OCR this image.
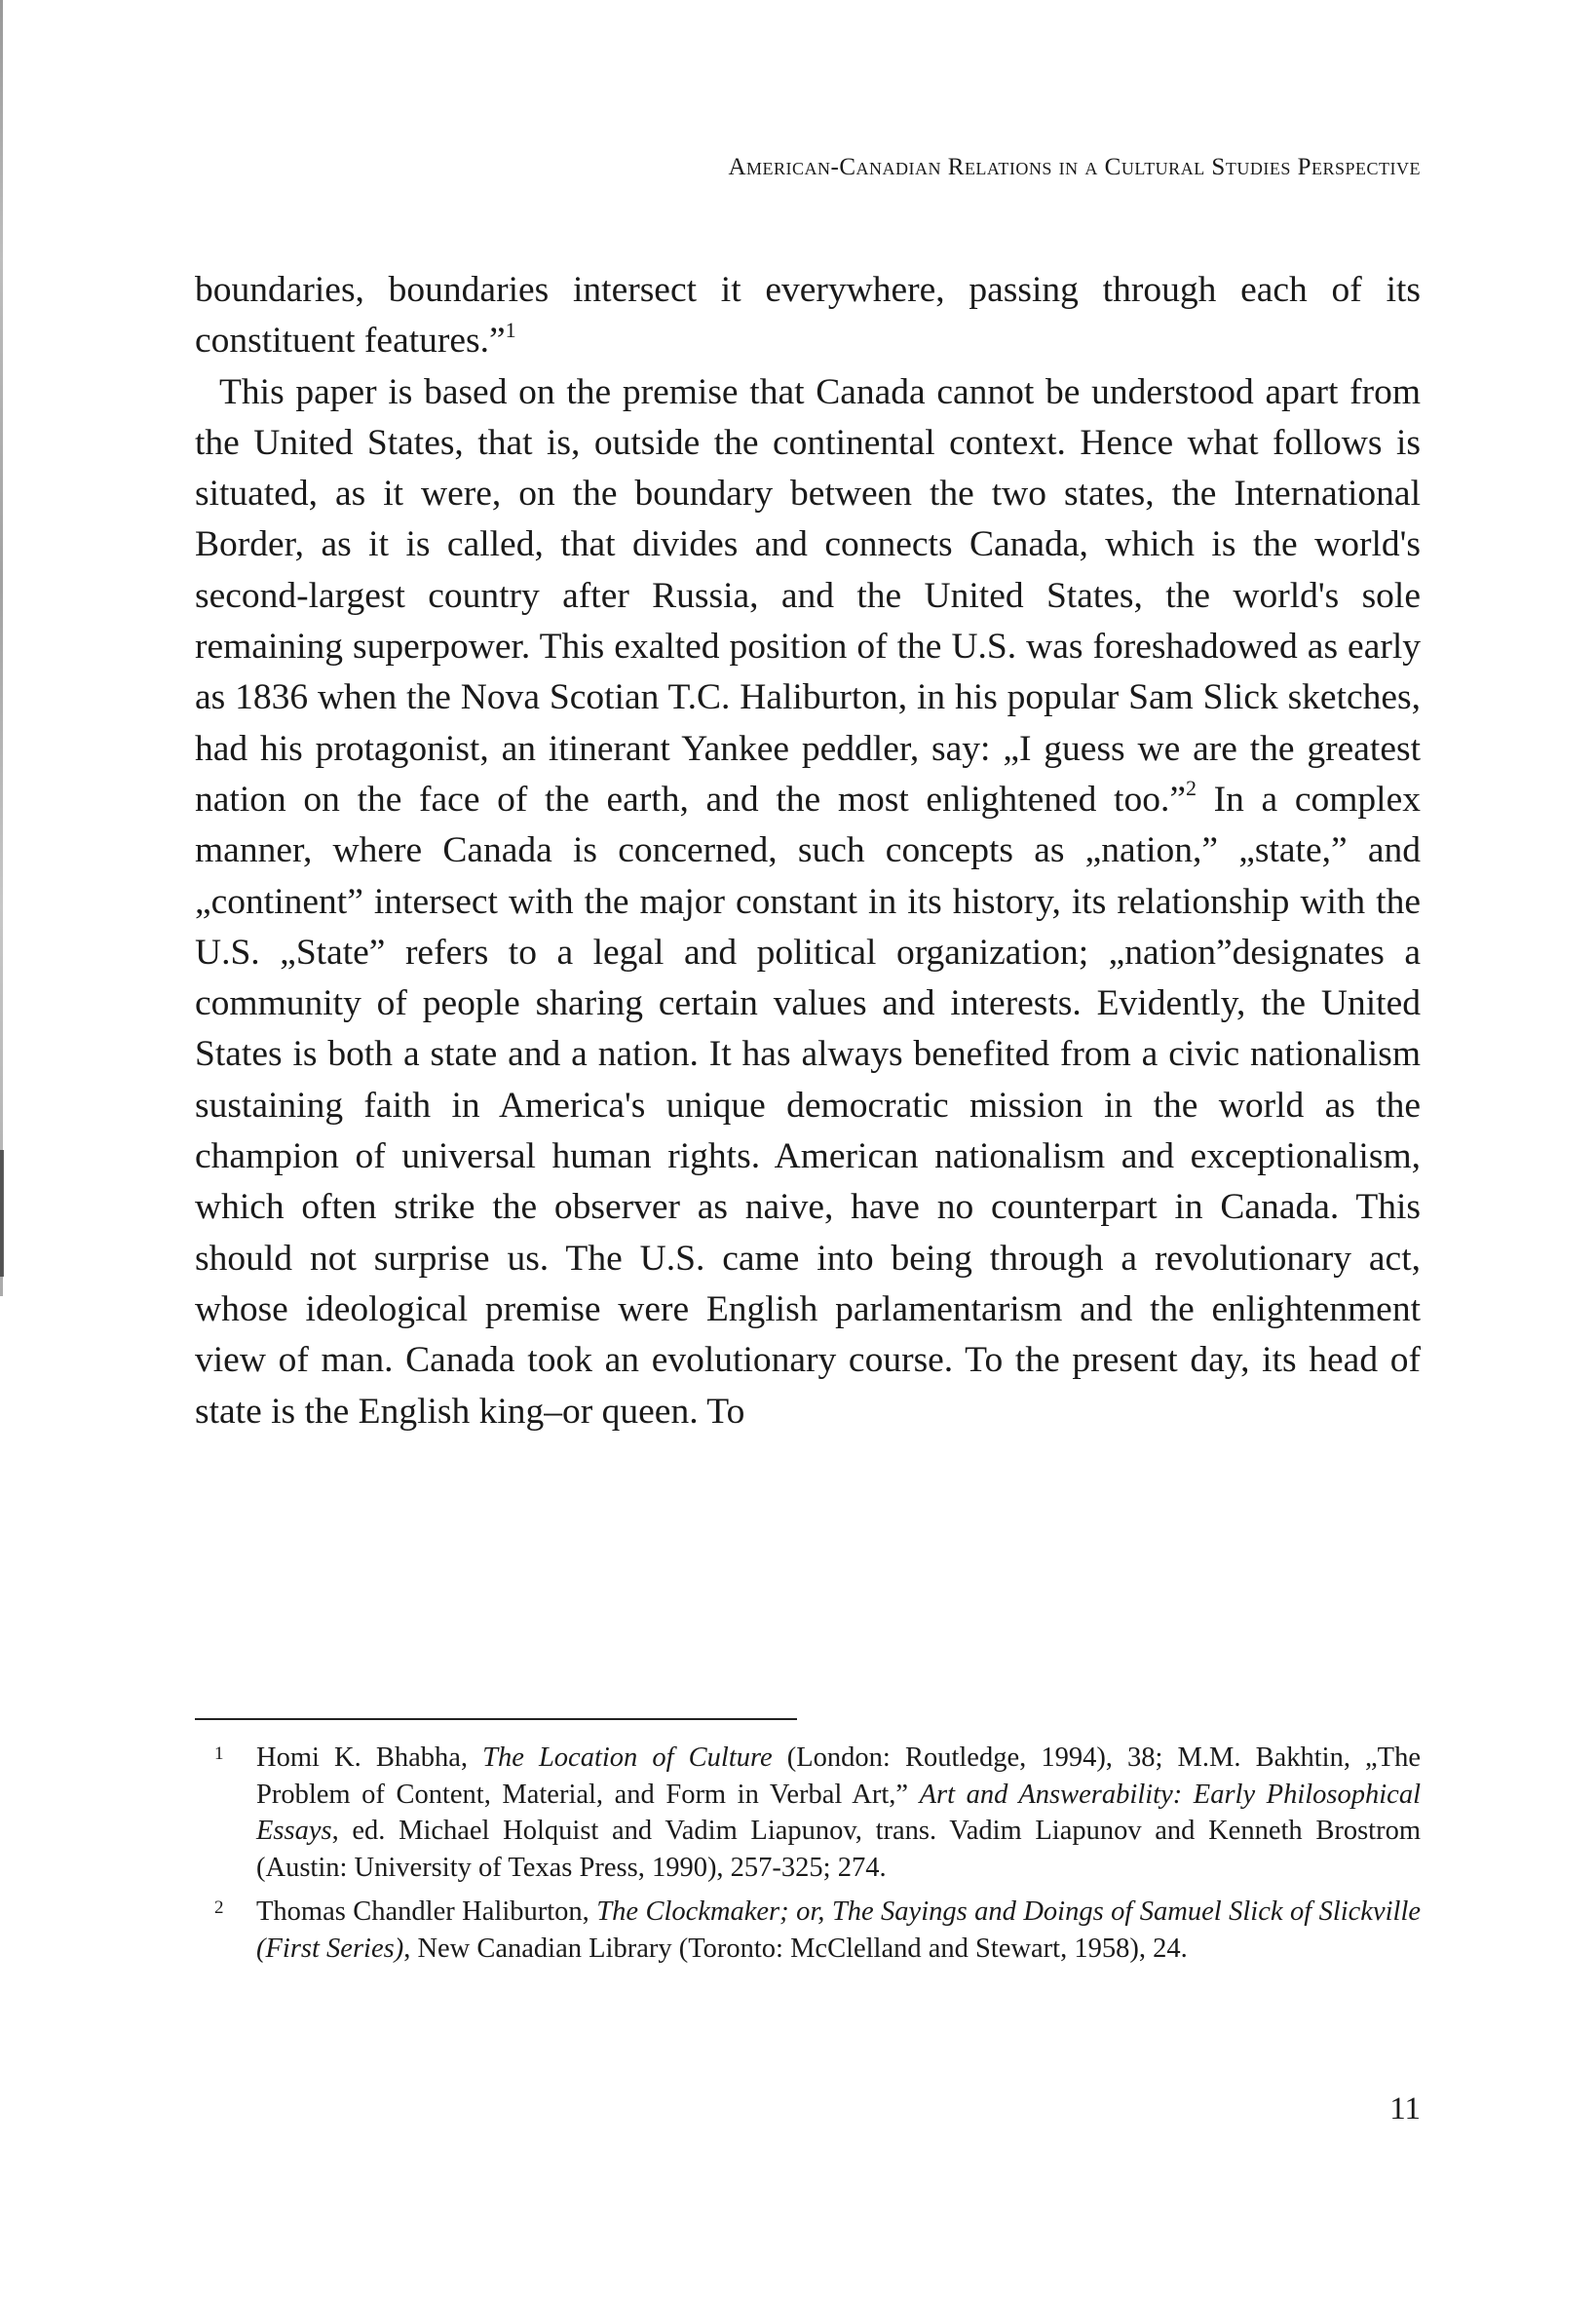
American-Canadian Relations in a Cultural Studies Perspective

boundaries, boundaries intersect it everywhere, passing through each of its constituent features.”$^1$

This paper is based on the premise that Canada cannot be understood apart from the United States, that is, outside the continental context. Hence what follows is situated, as it were, on the boundary between the two states, the International Border, as it is called, that divides and connects Canada, which is the world's second-largest country after Russia, and the United States, the world's sole remaining superpower. This exalted position of the U.S. was foreshadowed as early as 1836 when the Nova Scotian T.C. Haliburton, in his popular Sam Slick sketches, had his protagonist, an itinerant Yankee peddler, say: „I guess we are the greatest nation on the face of the earth, and the most enlightened too.”$^2$ In a complex manner, where Canada is concerned, such concepts as „nation,” „state,” and „continent” intersect with the major constant in its history, its relationship with the U.S. „State” refers to a legal and political organization; „nation”designates a community of people sharing certain values and interests. Evidently, the United States is both a state and a nation. It has always benefited from a civic nationalism sustaining faith in America's unique democratic mission in the world as the champion of universal human rights. American nationalism and exceptionalism, which often strike the observer as naive, have no counterpart in Canada. This should not surprise us. The U.S. came into being through a revolutionary act, whose ideological premise were English parlamentarism and the enlightenment view of man. Canada took an evolutionary course. To the present day, its head of state is the English king–or queen. To

1 Homi K. Bhabha, The Location of Culture (London: Routledge, 1994), 38; M.M. Bakhtin, „The Problem of Content, Material, and Form in Verbal Art,” Art and Answerability: Early Philosophical Essays, ed. Michael Holquist and Vadim Liapunov, trans. Vadim Liapunov and Kenneth Brostrom (Austin: University of Texas Press, 1990), 257-325; 274.

2 Thomas Chandler Haliburton, The Clockmaker; or, The Sayings and Doings of Samuel Slick of Slickville (First Series), New Canadian Library (Toronto: McClelland and Stewart, 1958), 24.

11
